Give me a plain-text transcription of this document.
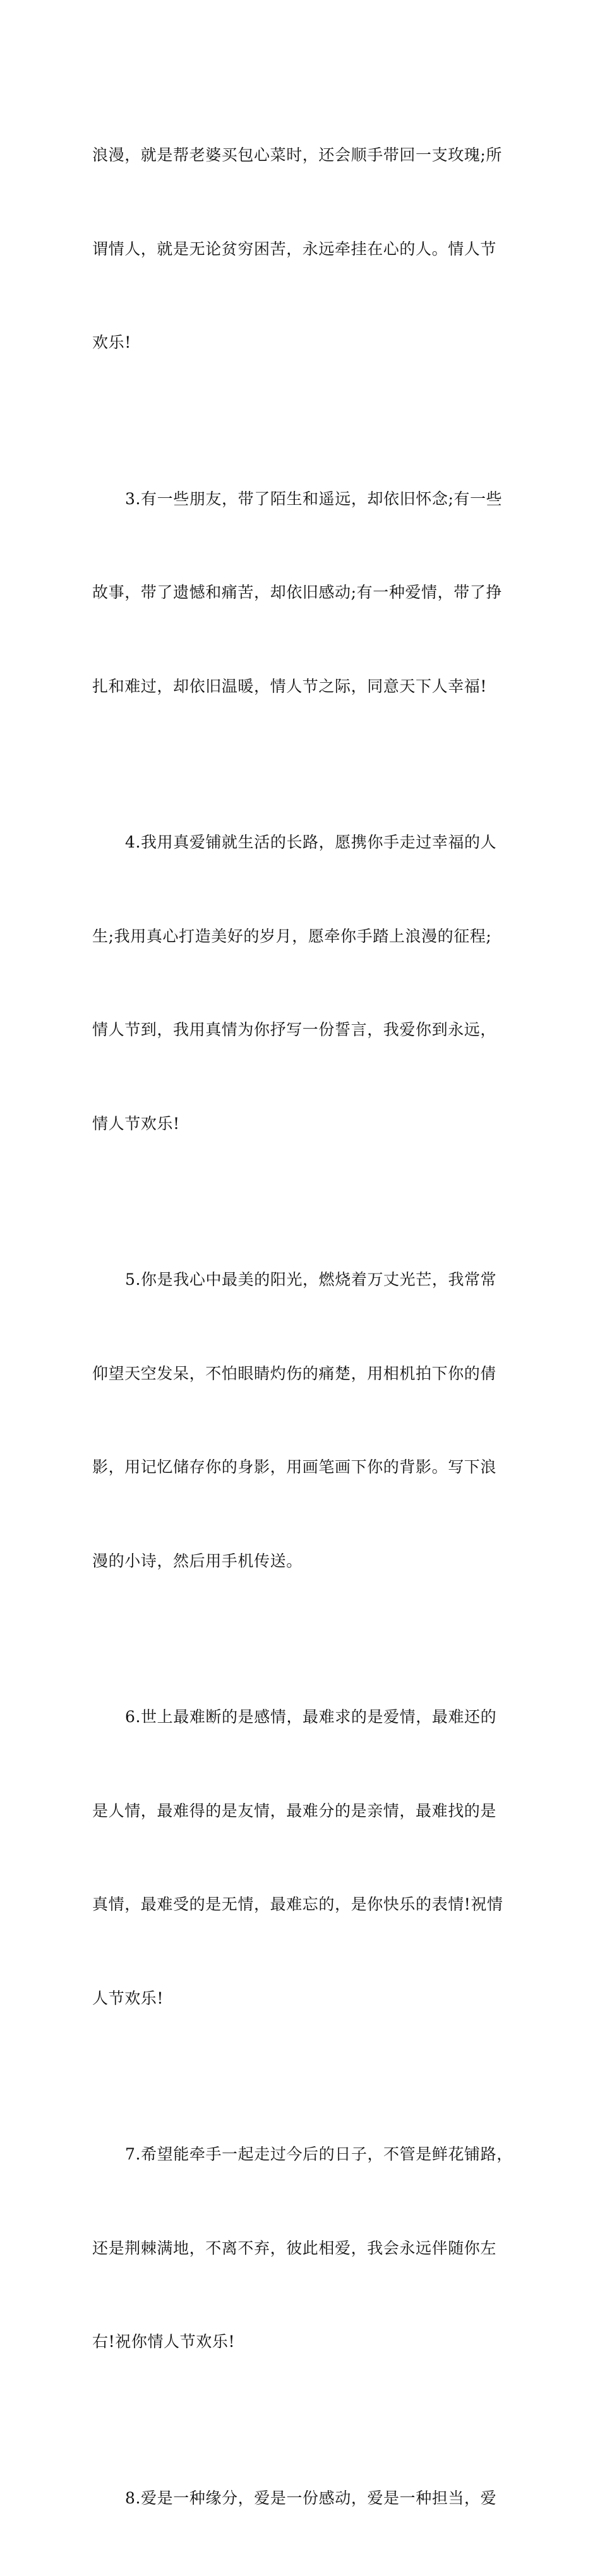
浪漫，就是帮老婆买包心菜时，还会顺手带回一支玫瑰;所

谓情人，就是无论贫穷困苦，永远牵挂在心的人。情人节

欢乐!

3.有一些朋友，带了陌生和遥远，却依旧怀念;有一些

故事，带了遗憾和痛苦，却依旧感动;有一种爱情，带了挣

扎和难过，却依旧温暖，情人节之际，同意天下人幸福!

4.我用真爱铺就生活的长路，愿携你手走过幸福的人

生;我用真心打造美好的岁月，愿牵你手踏上浪漫的征程;

情人节到，我用真情为你抒写一份誓言，我爱你到永远，

情人节欢乐!

5.你是我心中最美的阳光，燃烧着万丈光芒，我常常

仰望天空发呆，不怕眼睛灼伤的痛楚，用相机拍下你的倩

影，用记忆储存你的身影，用画笔画下你的背影。写下浪

漫的小诗，然后用手机传送。

6.世上最难断的是感情，最难求的是爱情，最难还的

是人情，最难得的是友情，最难分的是亲情，最难找的是

真情，最难受的是无情，最难忘的，是你快乐的表情!祝情

人节欢乐!

7.希望能牵手一起走过今后的日子，不管是鲜花铺路，

还是荆棘满地，不离不弃，彼此相爱，我会永远伴随你左

右!祝你情人节欢乐!

8.爱是一种缘分，爱是一份感动，爱是一种担当，爱
